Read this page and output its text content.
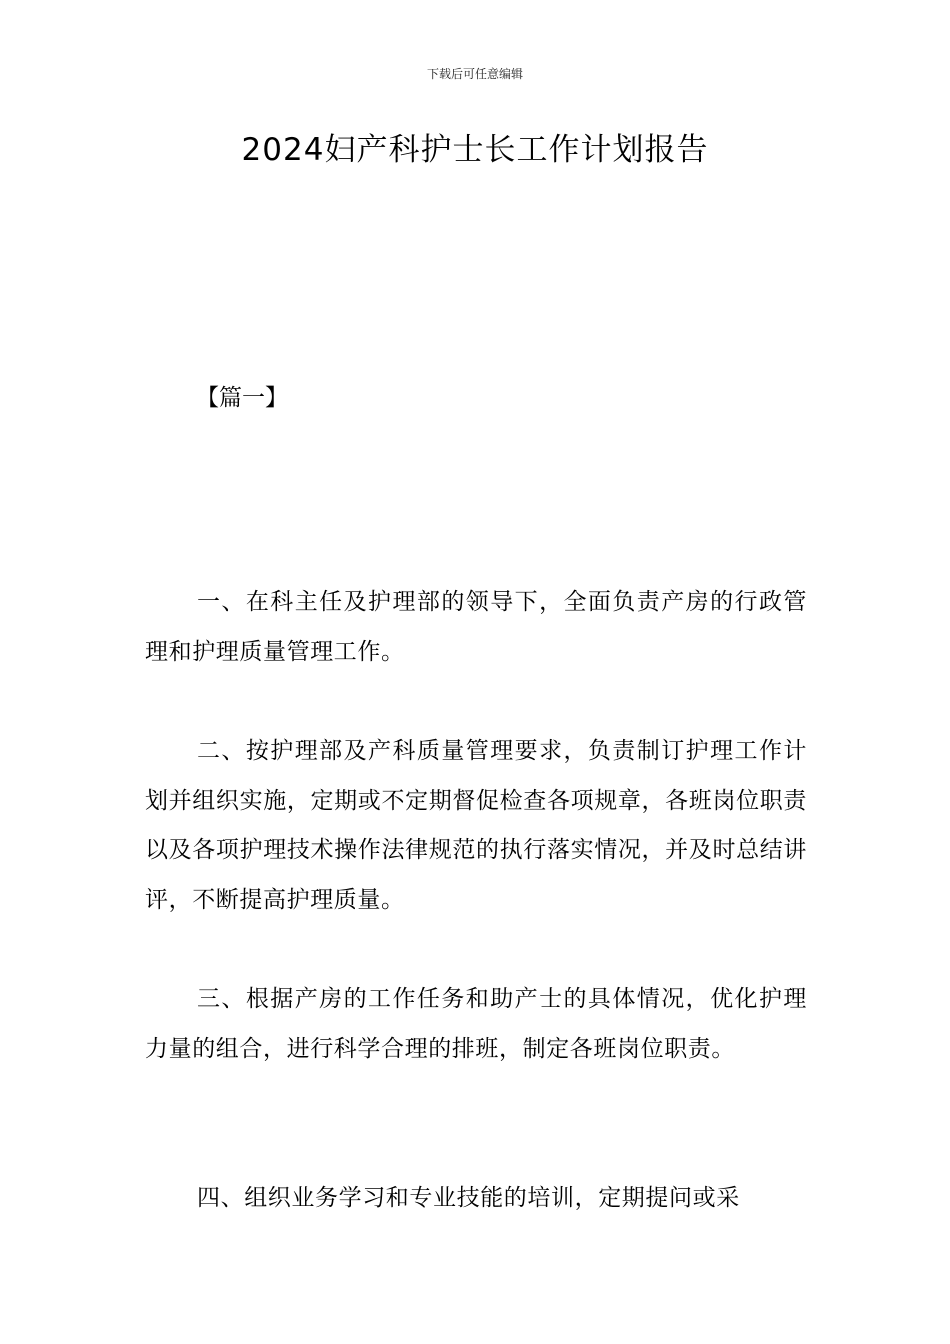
下载后可任意编辑
2024妇产科护士长工作计划报告
【篇一】

一、在科主任及护理部的领导下，全面负责产房的行政管理和护理质量管理工作。

二、按护理部及产科质量管理要求，负责制订护理工作计划并组织实施，定期或不定期督促检查各项规章，各班岗位职责以及各项护理技术操作法律规范的执行落实情况，并及时总结讲评，不断提高护理质量。

三、根据产房的工作任务和助产士的具体情况，优化护理力量的组合，进行科学合理的排班，制定各班岗位职责。

四、组织业务学习和专业技能的培训，定期提问或采
